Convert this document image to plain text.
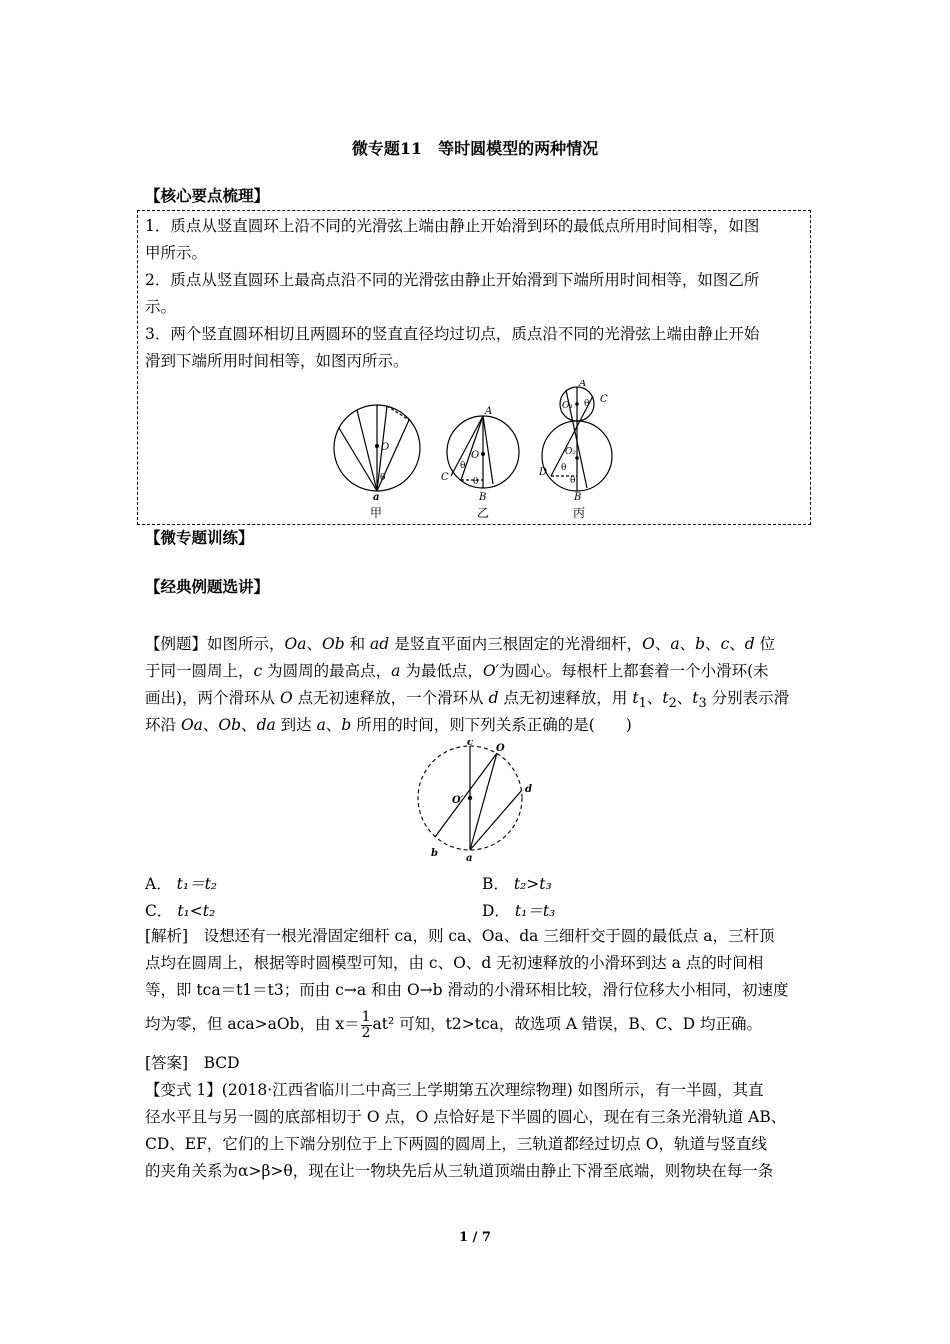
微专题11　等时圆模型的两种情况
【核心要点梳理】
1．质点从竖直圆环上沿不同的光滑弦上端由静止开始滑到环的最低点所用时间相等，如图
甲所示。
2．质点从竖直圆环上最高点沿不同的光滑弦由静止开始滑到下端所用时间相等，如图乙所
示。
3．两个竖直圆环相切且两圆环的竖直直径均过切点，质点沿不同的光滑弦上端由静止开始
滑到下端所用时间相等，如图丙所示。
O
θ
a
甲
A
O
θ
θ
C
B
乙
A
O₁ θ C
O₂
θ
θ
D
B
丙
【微专题训练】
【经典例题选讲】
【例题】如图所示，Oa、Ob 和 ad 是竖直平面内三根固定的光滑细杆，O、a、b、c、d 位
于同一圆周上，c 为圆周的最高点，a 为最低点，O′为圆心。每根杆上都套着一个小滑环(未
画出)，两个滑环从 O 点无初速释放，一个滑环从 d 点无初速释放，用 $t_1$、$t_2$、$t_3$ 分别表示滑
环沿 Oa、Ob、da 到达 a、b 所用的时间，则下列关系正确的是(　　)
c
O
O′
d
b	a
A． t₁＝t₂	B． t₂>t₃
C． t₁<t₂	D． t₁＝t₃
[解析]　设想还有一根光滑固定细杆 ca，则 ca、Oa、da 三细杆交于圆的最低点 a，三杆顶
点均在圆周上，根据等时圆模型可知，由 c、O、d 无初速释放的小滑环到达 a 点的时间相
等，即 tca＝t1＝t3；而由 c→a 和由 O→b 滑动的小滑环相比较，滑行位移大小相同，初速度
均为零，但 aca>aOb，由 $x= \frac{1}{2} at^2$ 可知，t2>tca，故选项 A 错误，B、C、D 均正确。
[答案]　BCD
【变式 1】(2018·江西省临川二中高三上学期第五次理综物理) 如图所示，有一半圆，其直
径水平且与另一圆的底部相切于 O 点，O 点恰好是下半圆的圆心，现在有三条光滑轨道 AB、
CD、EF，它们的上下端分别位于上下两圆的圆周上，三轨道都经过切点 O，轨道与竖直线
的夹角关系为α>β>θ，现在让一物块先后从三轨道顶端由静止下滑至底端，则物块在每一条
1 / 7
